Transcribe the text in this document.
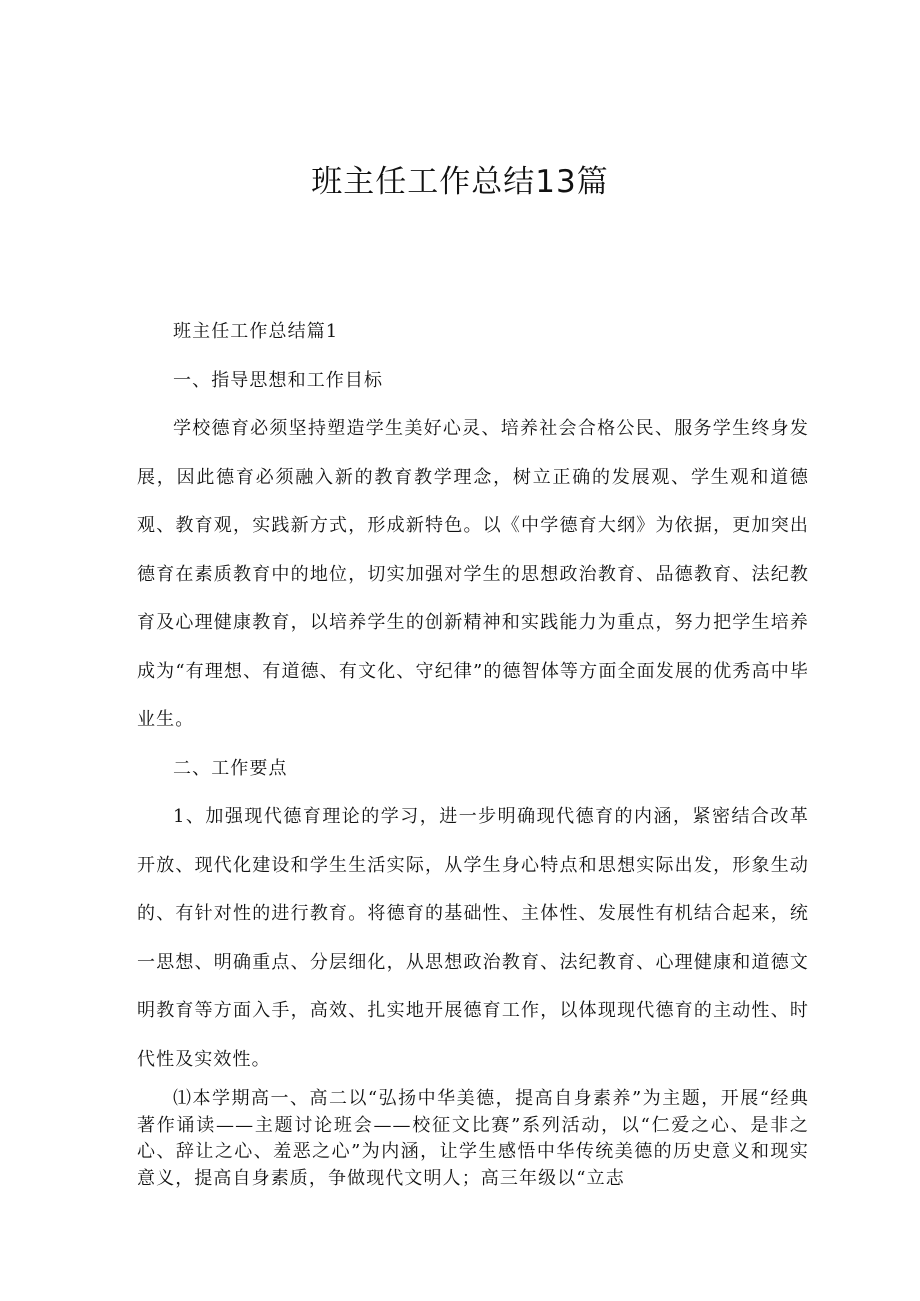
班主任工作总结13篇

班主任工作总结篇1

一、指导思想和工作目标

学校德育必须坚持塑造学生美好心灵、培养社会合格公民、服务学生终身发展，因此德育必须融入新的教育教学理念，树立正确的发展观、学生观和道德观、教育观，实践新方式，形成新特色。以《中学德育大纲》为依据，更加突出德育在素质教育中的地位，切实加强对学生的思想政治教育、品德教育、法纪教育及心理健康教育，以培养学生的创新精神和实践能力为重点，努力把学生培养成为“有理想、有道德、有文化、守纪律”的德智体等方面全面发展的优秀高中毕业生。

二、工作要点

1、加强现代德育理论的学习，进一步明确现代德育的内涵，紧密结合改革开放、现代化建设和学生生活实际，从学生身心特点和思想实际出发，形象生动的、有针对性的进行教育。将德育的基础性、主体性、发展性有机结合起来，统一思想、明确重点、分层细化，从思想政治教育、法纪教育、心理健康和道德文明教育等方面入手，高效、扎实地开展德育工作，以体现现代德育的主动性、时代性及实效性。

⑴本学期高一、高二以“弘扬中华美德，提高自身素养”为主题，开展“经典著作诵读——主题讨论班会——校征文比赛”系列活动，以“仁爱之心、是非之心、辞让之心、羞恶之心”为内涵，让学生感悟中华传统美德的历史意义和现实意义，提高自身素质，争做现代文明人；高三年级以“立志
